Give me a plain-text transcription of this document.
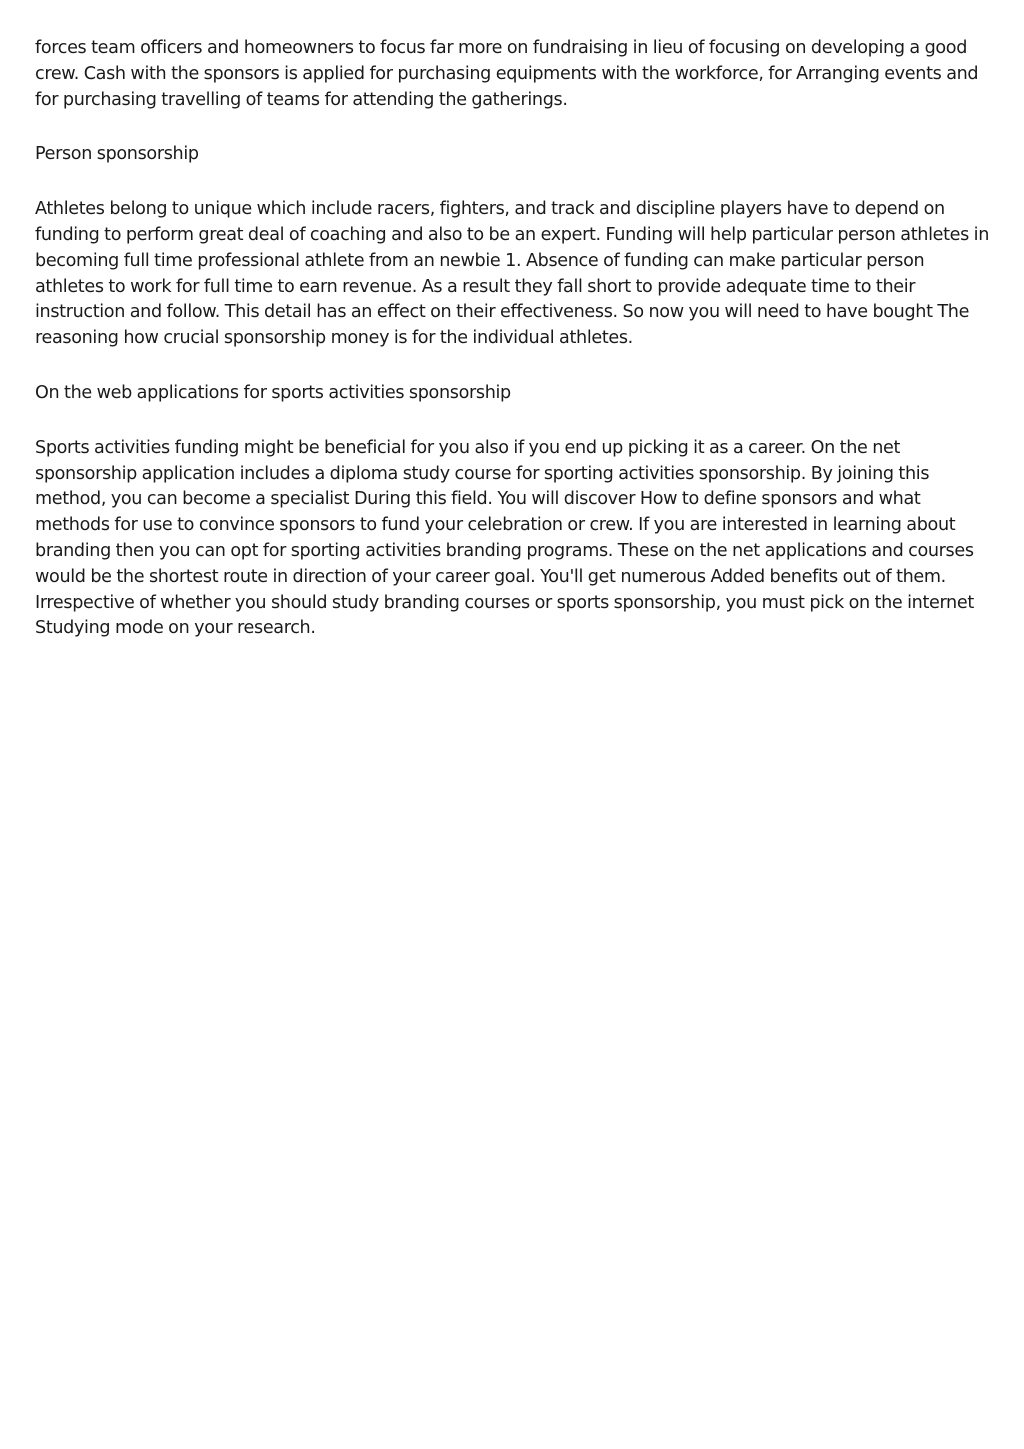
forces team officers and homeowners to focus far more on fundraising in lieu of focusing on developing a good crew. Cash with the sponsors is applied for purchasing equipments with the workforce, for Arranging events and for purchasing travelling of teams for attending the gatherings.

Person sponsorship

Athletes belong to unique which include racers, fighters, and track and discipline players have to depend on funding to perform great deal of coaching and also to be an expert. Funding will help particular person athletes in becoming full time professional athlete from an newbie 1. Absence of funding can make particular person athletes to work for full time to earn revenue. As a result they fall short to provide adequate time to their instruction and follow. This detail has an effect on their effectiveness. So now you will need to have bought The reasoning how crucial sponsorship money is for the individual athletes.

On the web applications for sports activities sponsorship

Sports activities funding might be beneficial for you also if you end up picking it as a career. On the net sponsorship application includes a diploma study course for sporting activities sponsorship. By joining this method, you can become a specialist During this field. You will discover How to define sponsors and what methods for use to convince sponsors to fund your celebration or crew. If you are interested in learning about branding then you can opt for sporting activities branding programs. These on the net applications and courses would be the shortest route in direction of your career goal. You'll get numerous Added benefits out of them. Irrespective of whether you should study branding courses or sports sponsorship, you must pick on the internet Studying mode on your research.
